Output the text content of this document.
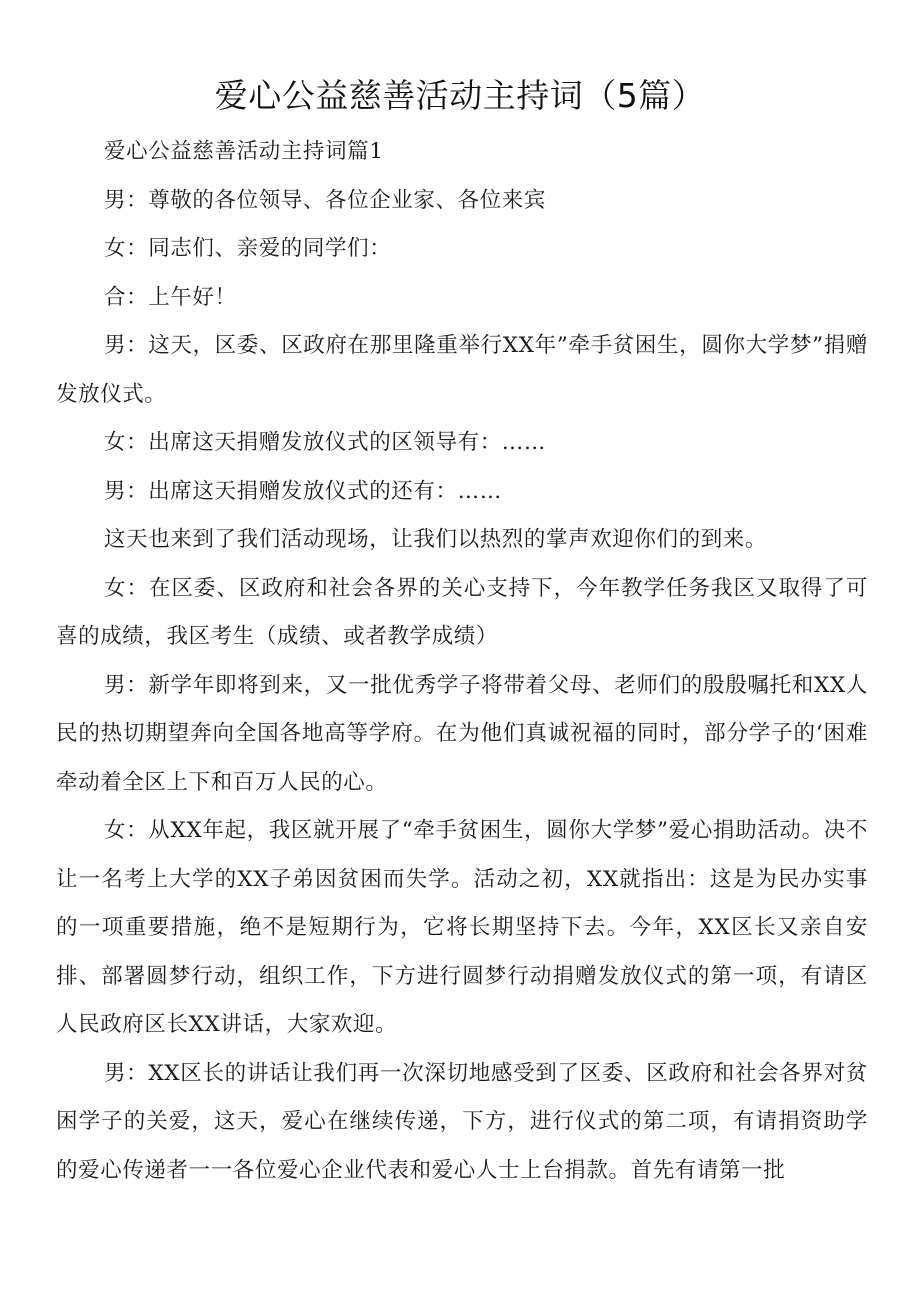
爱心公益慈善活动主持词（5篇）

爱心公益慈善活动主持词篇1

男：尊敬的各位领导、各位企业家、各位来宾

女：同志们、亲爱的同学们：

合：上午好！

男：这天，区委、区政府在那里隆重举行XX年”牵手贫困生，圆你大学梦”捐赠发放仪式。

女：出席这天捐赠发放仪式的区领导有：……

男：出席这天捐赠发放仪式的还有：……

这天也来到了我们活动现场，让我们以热烈的掌声欢迎你们的到来。

女：在区委、区政府和社会各界的关心支持下，今年教学任务我区又取得了可喜的成绩，我区考生（成绩、或者教学成绩）

男：新学年即将到来，又一批优秀学子将带着父母、老师们的殷殷嘱托和XX人民的热切期望奔向全国各地高等学府。在为他们真诚祝福的同时，部分学子的‘困难牵动着全区上下和百万人民的心。

女：从XX年起，我区就开展了“牵手贫困生，圆你大学梦”爱心捐助活动。决不让一名考上大学的XX子弟因贫困而失学。活动之初，XX就指出：这是为民办实事的一项重要措施，绝不是短期行为，它将长期坚持下去。今年，XX区长又亲自安排、部署圆梦行动，组织工作，下方进行圆梦行动捐赠发放仪式的第一项，有请区人民政府区长XX讲话，大家欢迎。

男：XX区长的讲话让我们再一次深切地感受到了区委、区政府和社会各界对贫困学子的关爱，这天，爱心在继续传递，下方，进行仪式的第二项，有请捐资助学的爱心传递者一一各位爱心企业代表和爱心人士上台捐款。首先有请第一批
